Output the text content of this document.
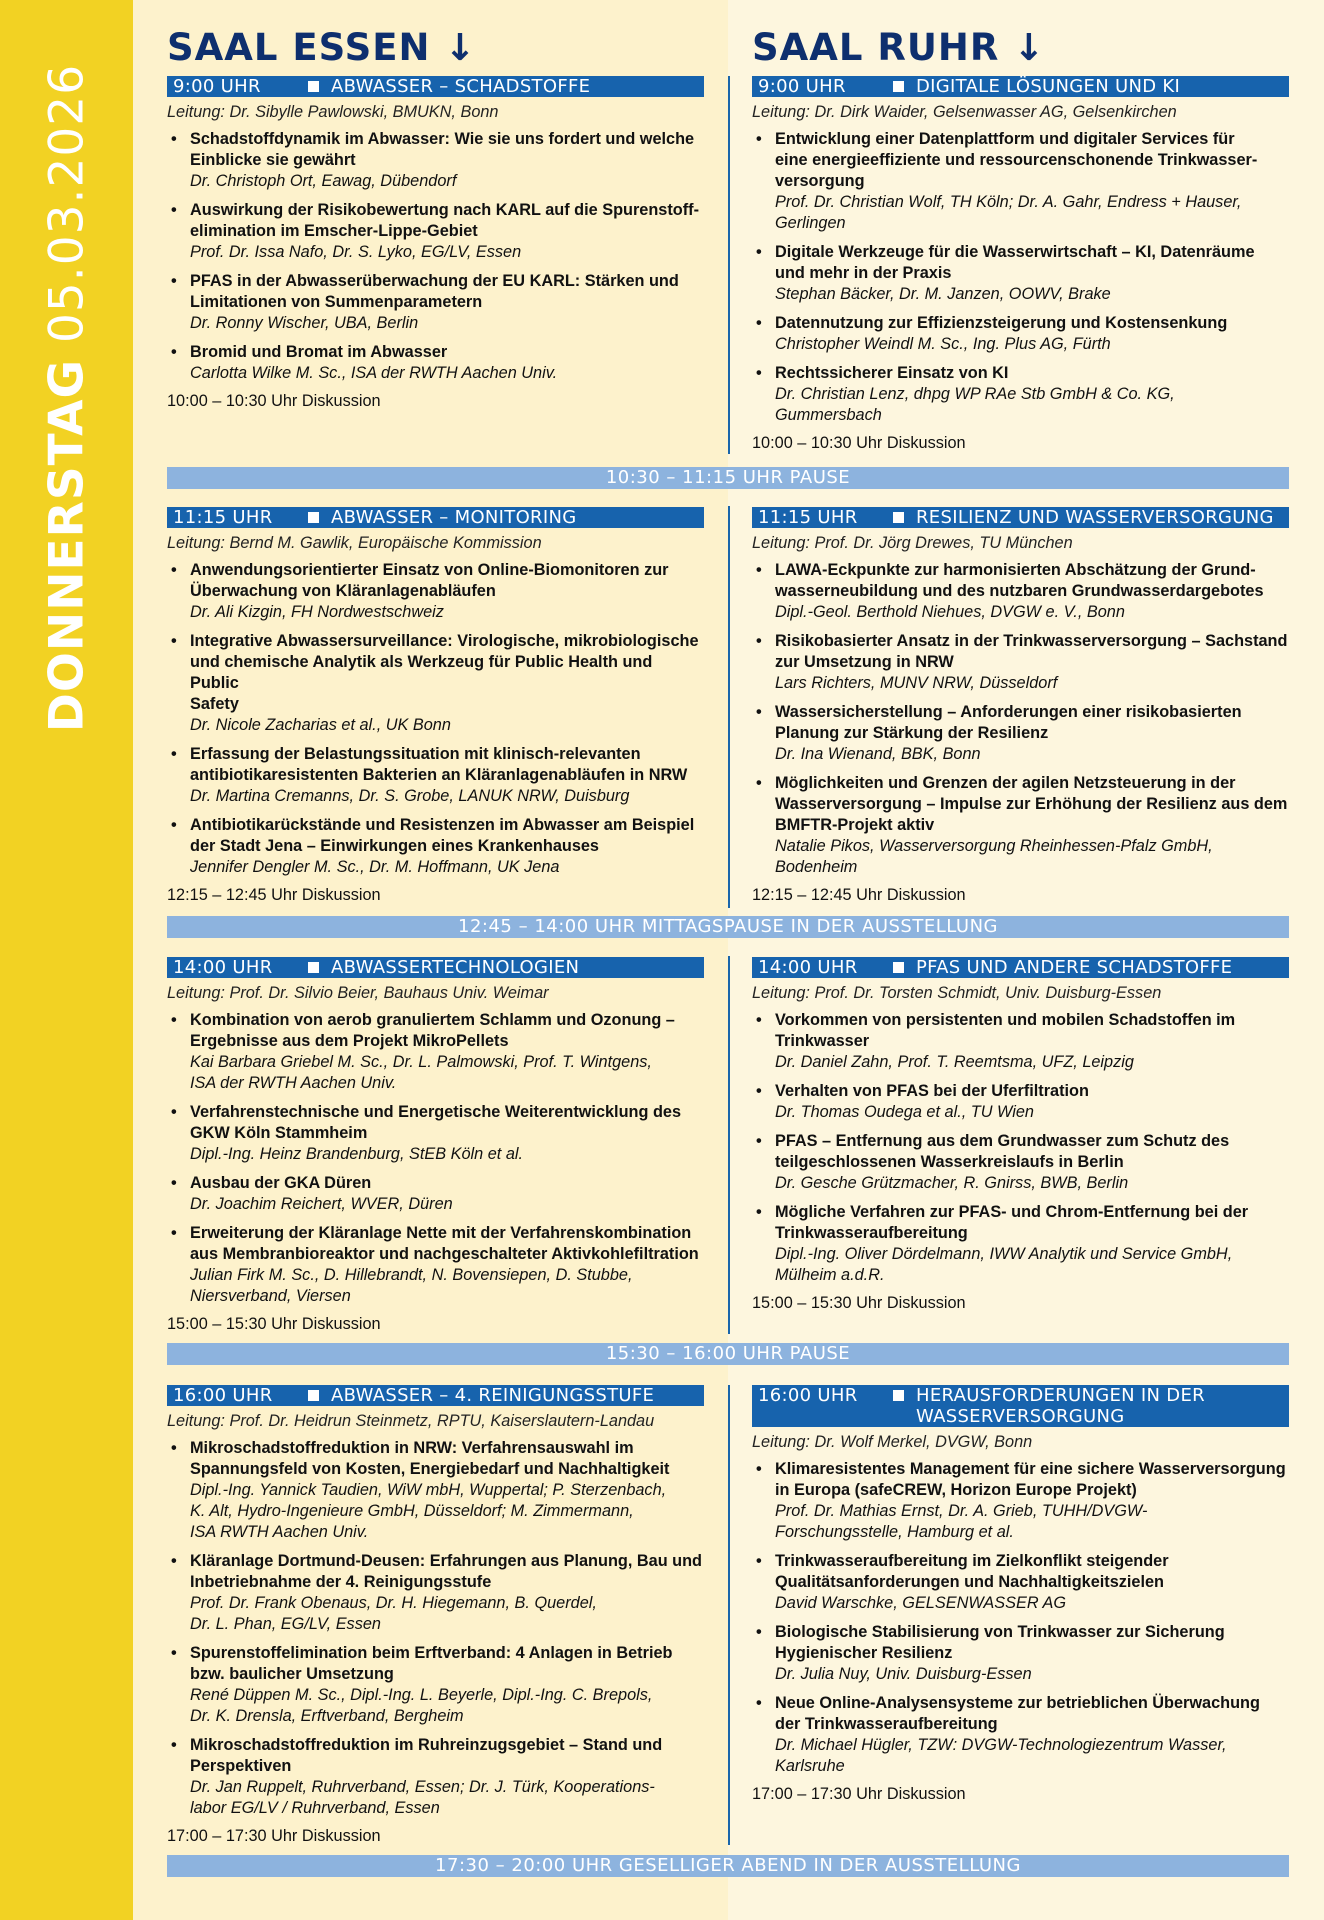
DONNERSTAG 05.03.2026
SAAL ESSEN ↓	SAAL RUHR ↓
10:30 – 11:15 UHR PAUSE
12:45 – 14:00 UHR MITTAGSPAUSE IN DER AUSSTELLUNG
15:30 – 16:00 UHR PAUSE
17:30 – 20:00 UHR GESELLIGER ABEND IN DER AUSSTELLUNG
9:00 UHR	ABWASSER – SCHADSTOFFE
Leitung: Dr. Sibylle Pawlowski, BMUKN, Bonn
• Schadstoffdynamik im Abwasser: Wie sie uns fordert und welche
Einblicke sie gewährt
Dr. Christoph Ort, Eawag, Dübendorf
• Auswirkung der Risikobewertung nach KARL auf die Spurenstoff-
elimination im Emscher-Lippe-Gebiet
Prof. Dr. Issa Nafo, Dr. S. Lyko, EG/LV, Essen
• PFAS in der Abwasserüberwachung der EU KARL: Stärken und
Limitationen von Summenparametern
Dr. Ronny Wischer, UBA, Berlin
• Bromid und Bromat im Abwasser
Carlotta Wilke M. Sc., ISA der RWTH Aachen Univ.
10:00 – 10:30 Uhr Diskussion
9:00 UHR	DIGITALE LÖSUNGEN UND KI
Leitung: Dr. Dirk Waider, Gelsenwasser AG, Gelsenkirchen
• Entwicklung einer Datenplattform und digitaler Services für
eine energieeffiziente und ressourcenschonende Trinkwasser-
versorgung
Prof. Dr. Christian Wolf, TH Köln; Dr. A. Gahr, Endress + Hauser,
Gerlingen
• Digitale Werkzeuge für die Wasserwirtschaft – KI, Datenräume
und mehr in der Praxis
Stephan Bäcker, Dr. M. Janzen, OOWV, Brake
• Datennutzung zur Effizienzsteigerung und Kostensenkung
Christopher Weindl M. Sc., Ing. Plus AG, Fürth
• Rechtssicherer Einsatz von KI
Dr. Christian Lenz, dhpg WP RAe Stb GmbH & Co. KG,
Gummersbach
10:00 – 10:30 Uhr Diskussion
11:15 UHR	ABWASSER – MONITORING
Leitung: Bernd M. Gawlik, Europäische Kommission
• Anwendungsorientierter Einsatz von Online-Biomonitoren zur
Überwachung von Kläranlagenabläufen
Dr. Ali Kizgin, FH Nordwestschweiz
• Integrative Abwassersurveillance: Virologische, mikrobiologische
und chemische Analytik als Werkzeug für Public Health und Public
Safety
Dr. Nicole Zacharias et al., UK Bonn
• Erfassung der Belastungssituation mit klinisch-relevanten
antibiotikaresistenten Bakterien an Kläranlagenabläufen in NRW
Dr. Martina Cremanns, Dr. S. Grobe, LANUK NRW, Duisburg
• Antibiotikarückstände und Resistenzen im Abwasser am Beispiel
der Stadt Jena – Einwirkungen eines Krankenhauses
Jennifer Dengler M. Sc., Dr. M. Hoffmann, UK Jena
12:15 – 12:45 Uhr Diskussion
11:15 UHR	RESILIENZ UND WASSERVERSORGUNG
Leitung: Prof. Dr. Jörg Drewes, TU München
• LAWA-Eckpunkte zur harmonisierten Abschätzung der Grund-
wasserneubildung und des nutzbaren Grundwasserdargebotes
Dipl.-Geol. Berthold Niehues, DVGW e. V., Bonn
• Risikobasierter Ansatz in der Trinkwasserversorgung – Sachstand
zur Umsetzung in NRW
Lars Richters, MUNV NRW, Düsseldorf
• Wassersicherstellung – Anforderungen einer risikobasierten
Planung zur Stärkung der Resilienz
Dr. Ina Wienand, BBK, Bonn
• Möglichkeiten und Grenzen der agilen Netzsteuerung in der
Wasserversorgung – Impulse zur Erhöhung der Resilienz aus dem
BMFTR-Projekt aktiv
Natalie Pikos, Wasserversorgung Rheinhessen-Pfalz GmbH,
Bodenheim
12:15 – 12:45 Uhr Diskussion
14:00 UHR	ABWASSERTECHNOLOGIEN
Leitung: Prof. Dr. Silvio Beier, Bauhaus Univ. Weimar
• Kombination von aerob granuliertem Schlamm und Ozonung –
Ergebnisse aus dem Projekt MikroPellets
Kai Barbara Griebel M. Sc., Dr. L. Palmowski, Prof. T. Wintgens,
ISA der RWTH Aachen Univ.
• Verfahrenstechnische und Energetische Weiterentwicklung des
GKW Köln Stammheim
Dipl.-Ing. Heinz Brandenburg, StEB Köln et al.
• Ausbau der GKA Düren
Dr. Joachim Reichert, WVER, Düren
• Erweiterung der Kläranlage Nette mit der Verfahrenskombination
aus Membranbioreaktor und nachgeschalteter Aktivkohlefiltration
Julian Firk M. Sc., D. Hillebrandt, N. Bovensiepen, D. Stubbe,
Niersverband, Viersen
15:00 – 15:30 Uhr Diskussion
14:00 UHR	PFAS UND ANDERE SCHADSTOFFE
Leitung: Prof. Dr. Torsten Schmidt, Univ. Duisburg-Essen
• Vorkommen von persistenten und mobilen Schadstoffen im
Trinkwasser
Dr. Daniel Zahn, Prof. T. Reemtsma, UFZ, Leipzig
• Verhalten von PFAS bei der Uferfiltration
Dr. Thomas Oudega et al., TU Wien
• PFAS – Entfernung aus dem Grundwasser zum Schutz des
teilgeschlossenen Wasserkreislaufs in Berlin
Dr. Gesche Grützmacher, R. Gnirss, BWB, Berlin
• Mögliche Verfahren zur PFAS- und Chrom-Entfernung bei der
Trinkwasseraufbereitung
Dipl.-Ing. Oliver Dördelmann, IWW Analytik und Service GmbH,
Mülheim a.d.R.
15:00 – 15:30 Uhr Diskussion
16:00 UHR	ABWASSER – 4. REINIGUNGSSTUFE
Leitung: Prof. Dr. Heidrun Steinmetz, RPTU, Kaiserslautern-Landau
• Mikroschadstoffreduktion in NRW: Verfahrensauswahl im
Spannungsfeld von Kosten, Energiebedarf und Nachhaltigkeit
Dipl.-Ing. Yannick Taudien, WiW mbH, Wuppertal; P. Sterzenbach,
K. Alt, Hydro-Ingenieure GmbH, Düsseldorf; M. Zimmermann,
ISA RWTH Aachen Univ.
• Kläranlage Dortmund-Deusen: Erfahrungen aus Planung, Bau und
Inbetriebnahme der 4. Reinigungsstufe
Prof. Dr. Frank Obenaus, Dr. H. Hiegemann, B. Querdel,
Dr. L. Phan, EG/LV, Essen
• Spurenstoffelimination beim Erftverband: 4 Anlagen in Betrieb
bzw. baulicher Umsetzung
René Düppen M. Sc., Dipl.-Ing. L. Beyerle, Dipl.-Ing. C. Brepols,
Dr. K. Drensla, Erftverband, Bergheim
• Mikroschadstoffreduktion im Ruhreinzugsgebiet – Stand und
Perspektiven
Dr. Jan Ruppelt, Ruhrverband, Essen; Dr. J. Türk, Kooperations-
labor EG/LV / Ruhrverband, Essen
17:00 – 17:30 Uhr Diskussion
16:00 UHR	HERAUSFORDERUNGEN IN DER WASSERVERSORGUNG
Leitung: Dr. Wolf Merkel, DVGW, Bonn
• Klimaresistentes Management für eine sichere Wasserversorgung
in Europa (safeCREW, Horizon Europe Projekt)
Prof. Dr. Mathias Ernst, Dr. A. Grieb, TUHH/DVGW-
Forschungsstelle, Hamburg et al.
• Trinkwasseraufbereitung im Zielkonflikt steigender
Qualitätsanforderungen und Nachhaltigkeitszielen
David Warschke, GELSENWASSER AG
• Biologische Stabilisierung von Trinkwasser zur Sicherung
Hygienischer Resilienz
Dr. Julia Nuy, Univ. Duisburg-Essen
• Neue Online-Analysensysteme zur betrieblichen Überwachung
der Trinkwasseraufbereitung
Dr. Michael Hügler, TZW: DVGW-Technologiezentrum Wasser,
Karlsruhe
17:00 – 17:30 Uhr Diskussion
